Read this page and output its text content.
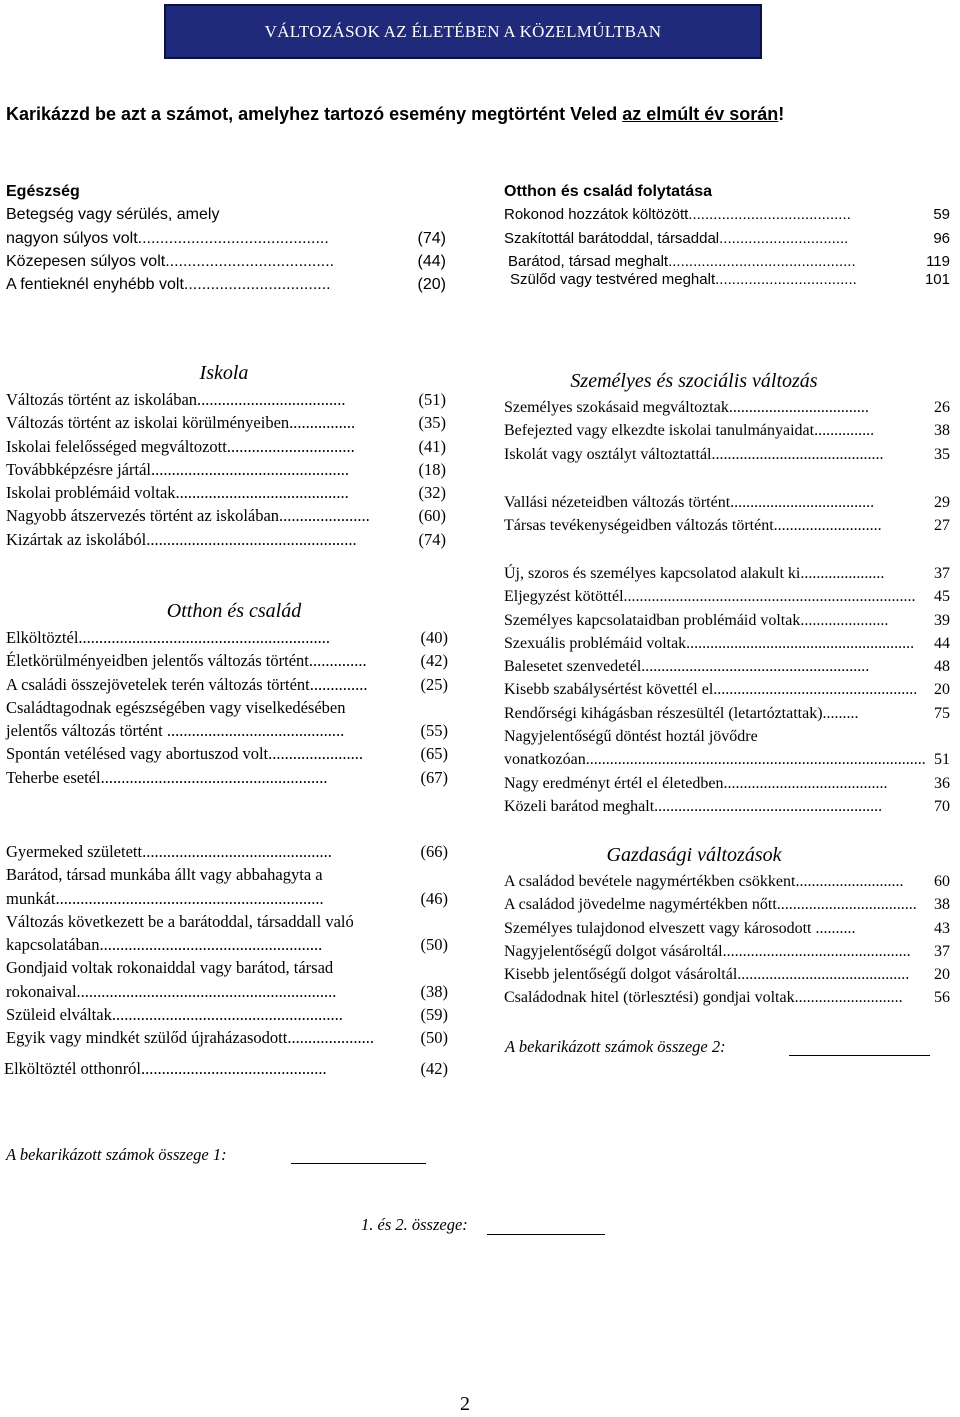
VÁLTOZÁSOK AZ ÉLETÉBEN A KÖZELMÚLTBAN
Karikázzd be azt a számot, amelyhez tartozó esemény megtörtént Veled az elmúlt év során!
Egészség
Betegség vagy sérülés, amely
nagyon súlyos volt...........................................	(74)
Közepesen súlyos volt......................................	(44)
A fentieknél enyhébb volt.................................	(20)
Otthon és család folytatása
Rokonod hozzátok költözött.......................................	59
Szakítottál barátoddal, társaddal...............................	96
Barátod, társad meghalt.............................................	119
Szülőd vagy testvéred meghalt..................................	101
Iskola
Változás történt az iskolában....................................	(51)
Változás történt az iskolai körülményeiben................	(35)
Iskolai felelősséged megváltozott...............................	(41)
Továbbképzésre jártál................................................	(18)
Iskolai problémáid voltak..........................................	(32)
Nagyobb átszervezés történt az iskolában......................	(60)
Kizártak az iskolából...................................................	(74)
Otthon és család
Elköltöztél.............................................................	(40)
Életkörülményeidben jelentős változás történt..............	(42)
A családi összejövetelek terén változás történt..............	(25)
Családtagodnak egészségében vagy viselkedésében
jelentős változás történt ...........................................	(55)
Spontán vetélésed vagy abortuszod volt.......................	(65)
Teherbe esetél.......................................................	(67)
Gyermeked született..............................................	(66)
Barátod, társad munkába állt vagy abbahagyta a
munkát.................................................................	(46)
Változás következett be a barátoddal, társaddall való
kapcsolatában......................................................	(50)
Gondjaid voltak rokonaiddal vagy barátod, társad
rokonaival...............................................................	(38)
Szüleid elváltak........................................................	(59)
Egyik vagy mindkét szülőd újraházasodott.....................	(50)
Elköltöztél otthonról.............................................	(42)
Személyes és szociális változás
Személyes szokásaid megváltoztak...................................	26
Befejezted vagy elkezdte iskolai tanulmányaidat...............	38
Iskolát vagy osztályt változtattál...........................................	35
Vallási nézeteidben változás történt....................................	29
Társas tevékenységeidben változás történt...........................	27
Új, szoros és személyes kapcsolatod alakult ki.....................	37
Eljegyzést kötöttél......................................................................... 45
Személyes kapcsolataidban problémáid voltak......................	39
Szexuális problémáid voltak......................................................... 44
Balesetet szenvedetél.........................................................	48
Kisebb szabálysértést követtél el................................................... 20
Rendőrségi kihágásban részesültél (letartóztattak).........	75
Nagyjelentőségű döntést hoztál jövődre
vonatkozóan..................................................................................... 51
Nagy eredményt értél el életedben.........................................	36
Közeli barátod meghalt.........................................................	70
Gazdasági változások
A családod bevétele nagymértékben csökkent........................... 60
A családod jövedelme nagymértékben nőtt................................... 38
Személyes tulajdonod elveszett vagy károsodott ..........	43
Nagyjelentőségű dolgot vásároltál............................................... 37
Kisebb jelentőségű dolgot vásároltál........................................... 20
Családodnak hitel (törlesztési) gondjai voltak........................... 56
A bekarikázott számok összege 2:
A bekarikázott számok összege 1:
1. és 2. összege:
2
